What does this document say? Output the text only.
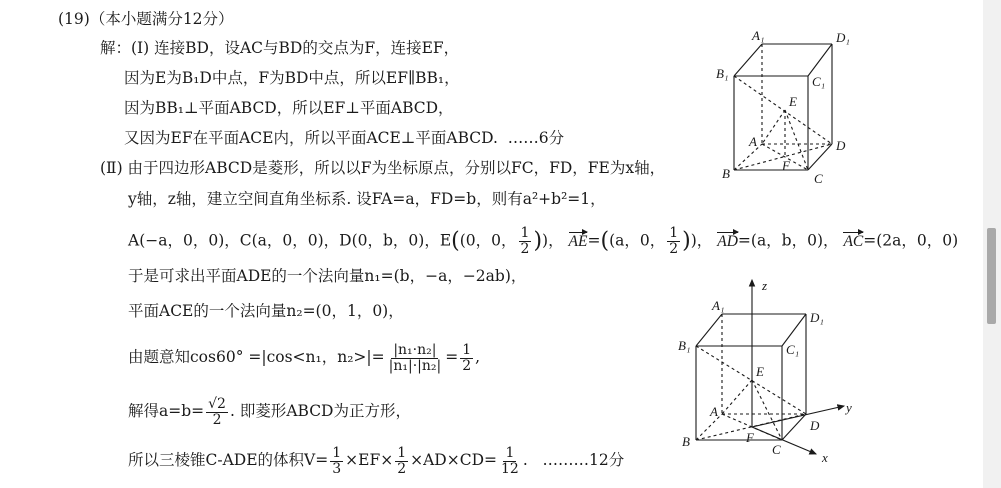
(19)（本小题满分12分）
解：(Ⅰ) 连接BD，设AC与BD的交点为F，连接EF，
因为E为B₁D中点，F为BD中点，所以EF∥BB₁，
因为BB₁⊥平面ABCD，所以EF⊥平面ABCD，
又因为EF在平面ACE内，所以平面ACE⊥平面ABCD. ……6分
(Ⅱ) 由于四边形ABCD是菱形，所以以F为坐标原点，分别以FC，FD，FE为x轴，
y轴，z轴，建立空间直角坐标系. 设FA=a，FD=b，则有a²+b²=1，
A(−a，0，0)，C(a，0，0)，D(0，b，0)，E((0，0， $\frac{1}{2}$ ))， AE=((a，0， $\frac{1}{2}$ ))， AD=(a，b，0)， AC=(2a，0，0)
于是可求出平面ADE的一个法向量n₁=(b，−a，−2ab)，
平面ACE的一个法向量n₂=(0，1，0)，
由题意知cos60° =|cos<n₁，$n_2>|= \frac{\text{|n₁·n₂|}}{\text{|n₁|·|n₂|}} = \frac{1}{2}$ ,
解得$a=b= \frac{√2}{2}$ . 即菱形ABCD为正方形，
所以三棱锥C-ADE的体积$V= \frac{1}{3} \times EF\times \frac{1}{2} \times AD\times CD= \frac{1}{12}$ . ………12分
A₁	D₁
B₁
C₁
E
A	D
B	C
F
z
A₁
D₁
B₁	C₁
E
A	y
D
B	F
C
x
